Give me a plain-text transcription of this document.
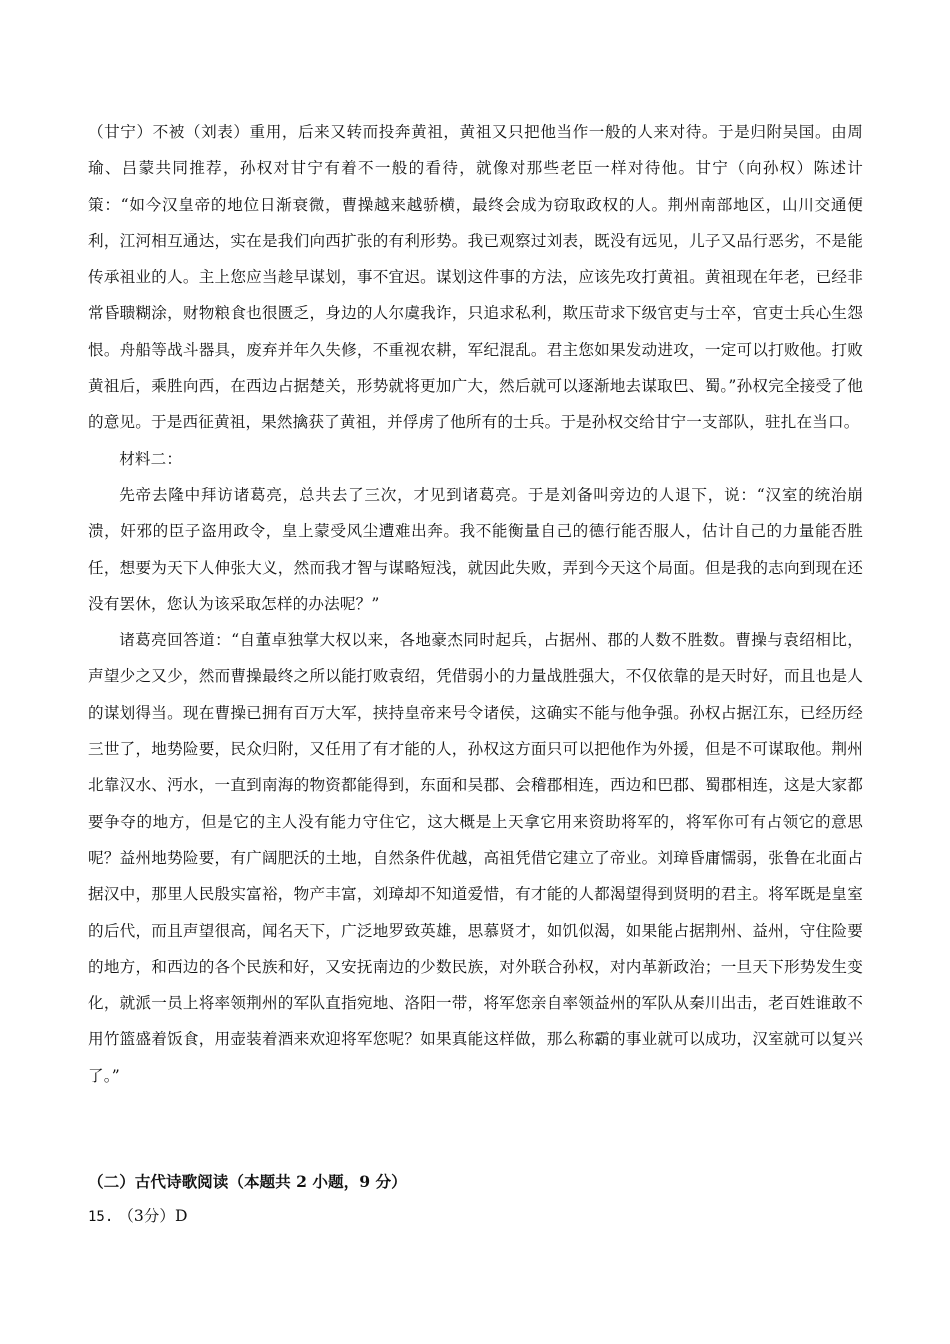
（甘宁）不被（刘表）重用，后来又转而投奔黄祖，黄祖又只把他当作一般的人来对待。于是归附吴国。由周瑜、吕蒙共同推荐，孙权对甘宁有着不一般的看待，就像对那些老臣一样对待他。甘宁（向孙权）陈述计策：“如今汉皇帝的地位日渐衰微，曹操越来越骄横，最终会成为窃取政权的人。荆州南部地区，山川交通便利，江河相互通达，实在是我们向西扩张的有利形势。我已观察过刘表，既没有远见，儿子又品行恶劣，不是能传承祖业的人。主上您应当趁早谋划，事不宜迟。谋划这件事的方法，应该先攻打黄祖。黄祖现在年老，已经非常昏聩糊涂，财物粮食也很匮乏，身边的人尔虞我诈，只追求私利，欺压苛求下级官吏与士卒，官吏士兵心生怨恨。舟船等战斗器具，废弃并年久失修，不重视农耕，军纪混乱。君主您如果发动进攻，一定可以打败他。打败黄祖后，乘胜向西，在西边占据楚关，形势就将更加广大，然后就可以逐渐地去谋取巴、蜀。”孙权完全接受了他的意见。于是西征黄祖，果然擒获了黄祖，并俘虏了他所有的士兵。于是孙权交给甘宁一支部队，驻扎在当口。

材料二：

先帝去隆中拜访诸葛亮，总共去了三次，才见到诸葛亮。于是刘备叫旁边的人退下，说：“汉室的统治崩溃，奸邪的臣子盗用政令，皇上蒙受风尘遭难出奔。我不能衡量自己的德行能否服人，估计自己的力量能否胜任，想要为天下人伸张大义，然而我才智与谋略短浅，就因此失败，弄到今天这个局面。但是我的志向到现在还没有罢休，您认为该采取怎样的办法呢？”

诸葛亮回答道：“自董卓独掌大权以来，各地豪杰同时起兵，占据州、郡的人数不胜数。曹操与袁绍相比，声望少之又少，然而曹操最终之所以能打败袁绍，凭借弱小的力量战胜强大，不仅依靠的是天时好，而且也是人的谋划得当。现在曹操已拥有百万大军，挟持皇帝来号令诸侯，这确实不能与他争强。孙权占据江东，已经历经三世了，地势险要，民众归附，又任用了有才能的人，孙权这方面只可以把他作为外援，但是不可谋取他。荆州北靠汉水、沔水，一直到南海的物资都能得到，东面和吴郡、会稽郡相连，西边和巴郡、蜀郡相连，这是大家都要争夺的地方，但是它的主人没有能力守住它，这大概是上天拿它用来资助将军的，将军你可有占领它的意思呢？益州地势险要，有广阔肥沃的土地，自然条件优越，高祖凭借它建立了帝业。刘璋昏庸懦弱，张鲁在北面占据汉中，那里人民殷实富裕，物产丰富，刘璋却不知道爱惜，有才能的人都渴望得到贤明的君主。将军既是皇室的后代，而且声望很高，闻名天下，广泛地罗致英雄，思慕贤才，如饥似渴，如果能占据荆州、益州，守住险要的地方，和西边的各个民族和好，又安抚南边的少数民族，对外联合孙权，对内革新政治；一旦天下形势发生变化，就派一员上将率领荆州的军队直指宛地、洛阳一带，将军您亲自率领益州的军队从秦川出击，老百姓谁敢不用竹篮盛着饭食，用壶装着酒来欢迎将军您呢？如果真能这样做，那么称霸的事业就可以成功，汉室就可以复兴了。”

（二）古代诗歌阅读（本题共 2 小题，9 分）

15. （3分）D
